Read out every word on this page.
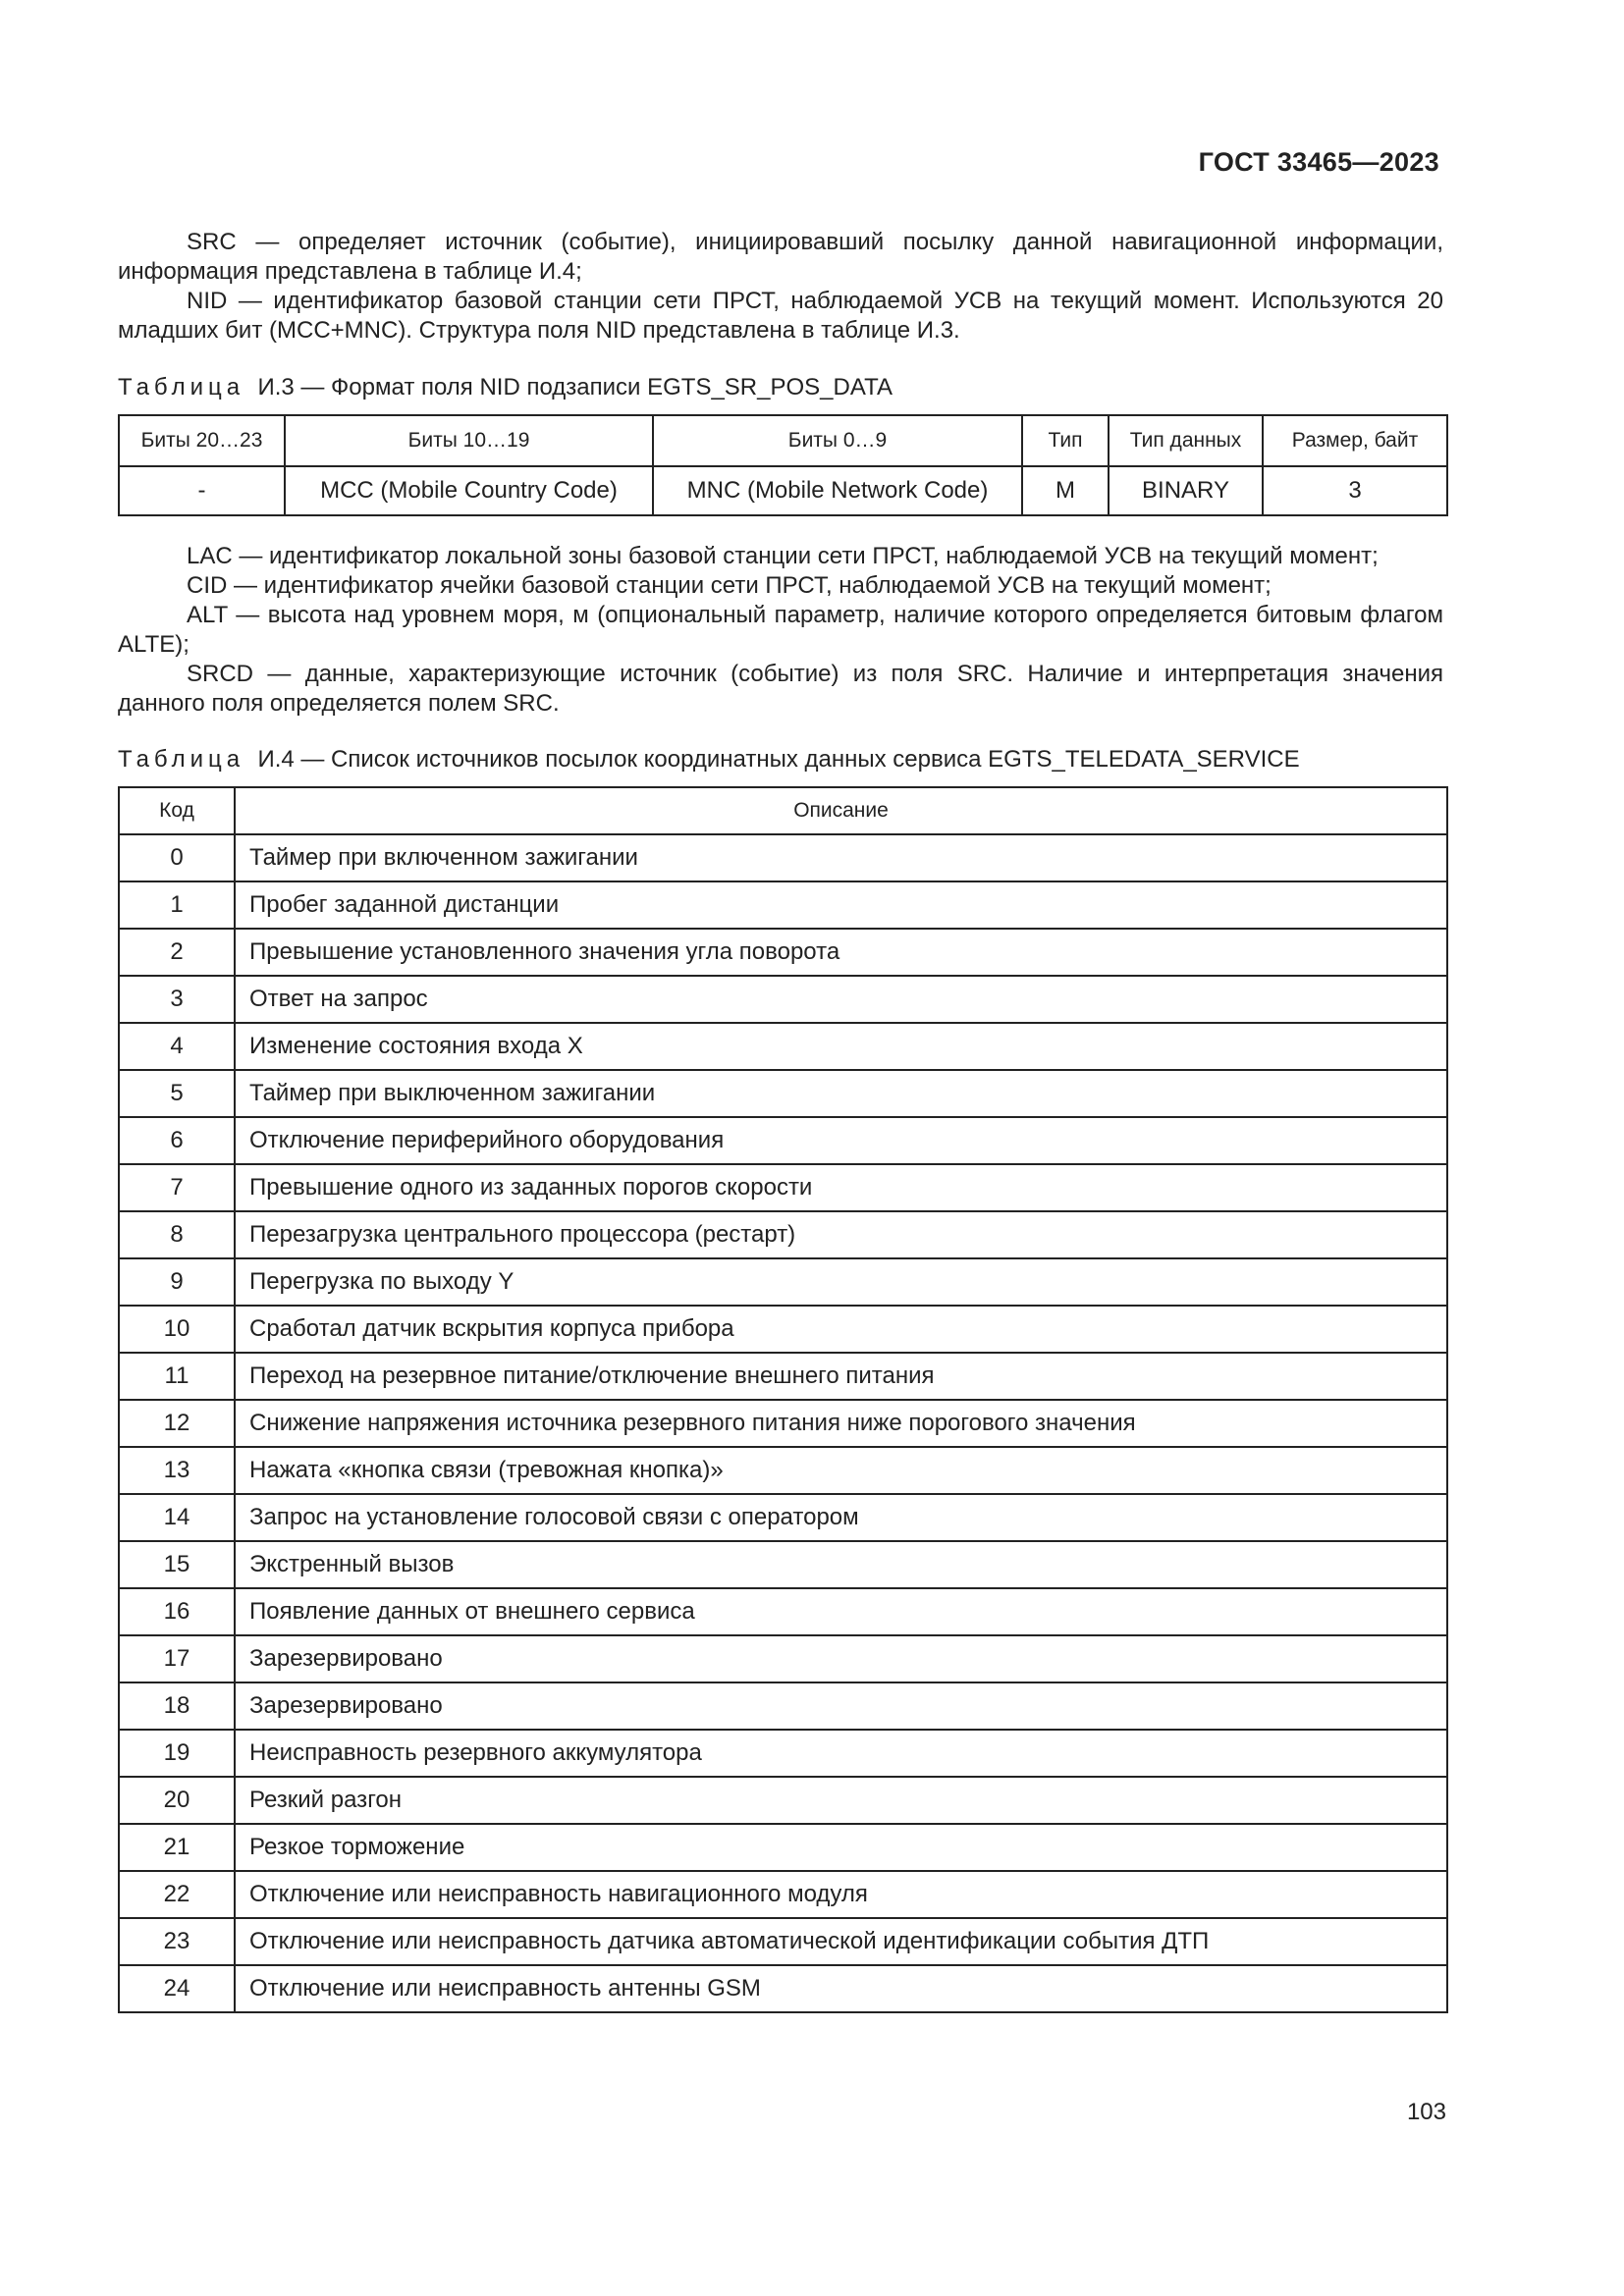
ГОСТ 33465—2023

SRC — определяет источник (событие), инициировавший посылку данной навигационной информации, информация представлена в таблице И.4;

NID — идентификатор базовой станции сети ПРСТ, наблюдаемой УСВ на текущий момент. Используются 20 младших бит (MCC+MNC). Структура поля NID представлена в таблице И.3.

Таблица И.3 — Формат поля NID подзаписи EGTS_SR_POS_DATA

Биты 20…23	Биты 10…19	Биты 0…9	Тип	Тип данных	Размер, байт
-	MCC (Mobile Country Code)	MNC (Mobile Network Code)	M	BINARY	3

LAC — идентификатор локальной зоны базовой станции сети ПРСТ, наблюдаемой УСВ на текущий момент;

CID — идентификатор ячейки базовой станции сети ПРСТ, наблюдаемой УСВ на текущий момент;

ALT — высота над уровнем моря, м (опциональный параметр, наличие которого определяется битовым флагом ALTE);

SRCD — данные, характеризующие источник (событие) из поля SRC. Наличие и интерпретация значения данного поля определяется полем SRC.

Таблица И.4 — Список источников посылок координатных данных сервиса EGTS_TELEDATA_SERVICE

Код	Описание
0	Таймер при включенном зажигании
1	Пробег заданной дистанции
2	Превышение установленного значения угла поворота
3	Ответ на запрос
4	Изменение состояния входа X
5	Таймер при выключенном зажигании
6	Отключение периферийного оборудования
7	Превышение одного из заданных порогов скорости
8	Перезагрузка центрального процессора (рестарт)
9	Перегрузка по выходу Y
10	Сработал датчик вскрытия корпуса прибора
11	Переход на резервное питание/отключение внешнего питания
12	Снижение напряжения источника резервного питания ниже порогового значения
13	Нажата «кнопка связи (тревожная кнопка)»
14	Запрос на установление голосовой связи с оператором
15	Экстренный вызов
16	Появление данных от внешнего сервиса
17	Зарезервировано
18	Зарезервировано
19	Неисправность резервного аккумулятора
20	Резкий разгон
21	Резкое торможение
22	Отключение или неисправность навигационного модуля
23	Отключение или неисправность датчика автоматической идентификации события ДТП
24	Отключение или неисправность антенны GSM
103
